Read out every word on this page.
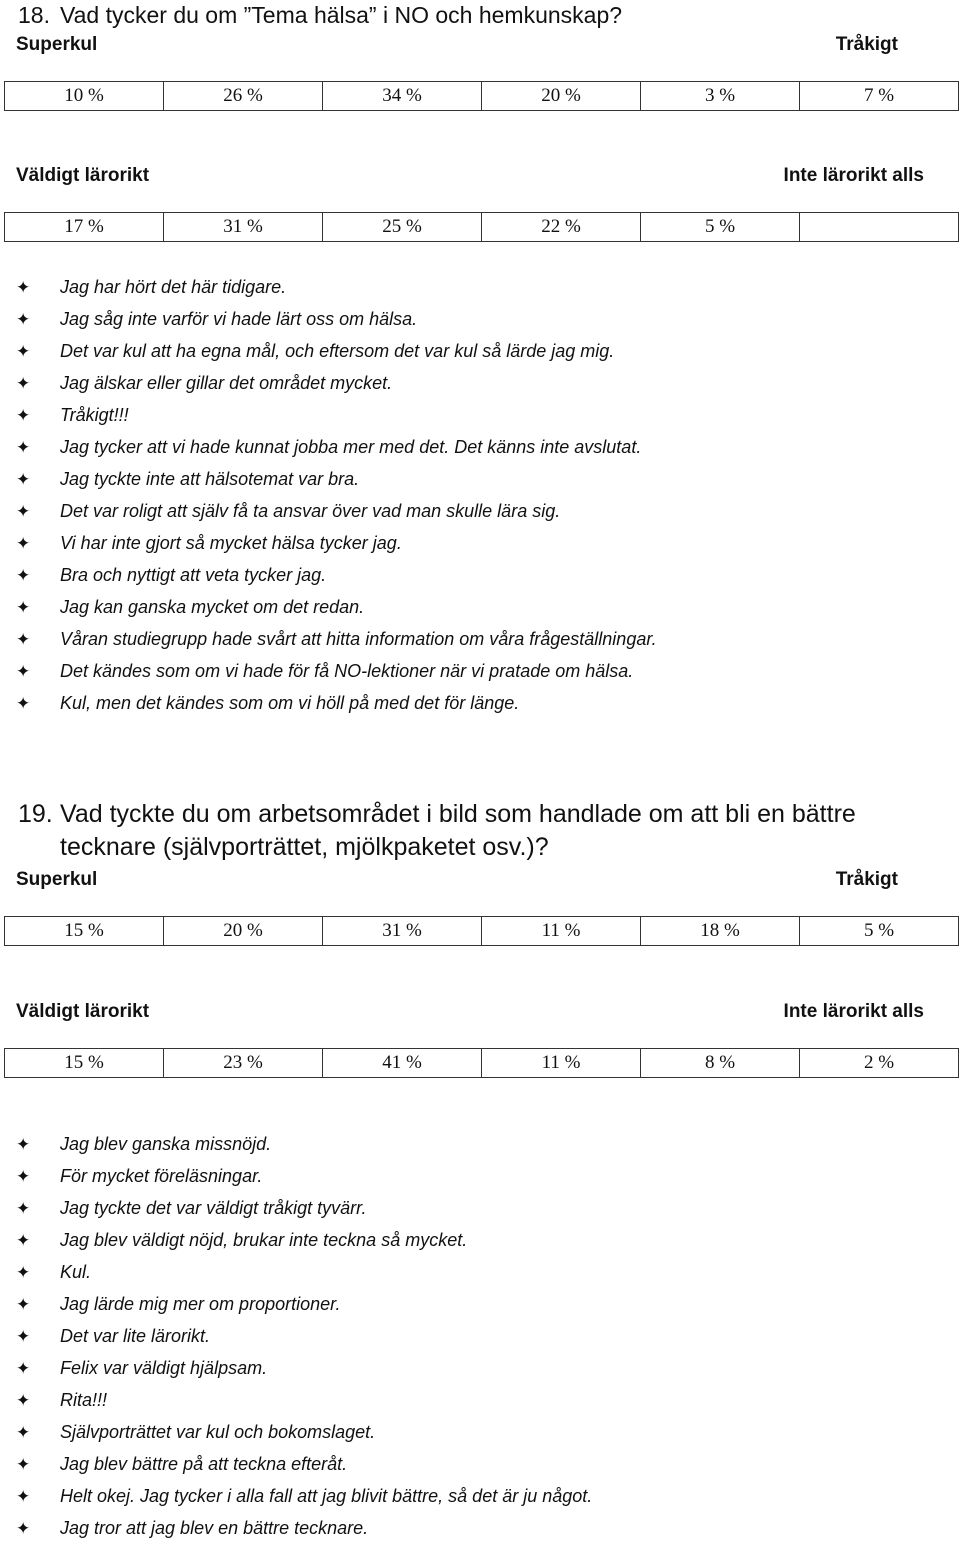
18. Vad tycker du om ”Tema hälsa” i NO och hemkunskap?
Superkul	Tråkigt
10 %	26 %	34 %	20 %	3 %	7 %
Väldigt lärorikt	Inte lärorikt alls
17 %	31 %	25 %	22 %	5 %	
✦ Jag har hört det här tidigare.
✦ Jag såg inte varför vi hade lärt oss om hälsa.
✦ Det var kul att ha egna mål, och eftersom det var kul så lärde jag mig.
✦ Jag älskar eller gillar det området mycket.
✦ Tråkigt!!!
✦ Jag tycker att vi hade kunnat jobba mer med det. Det känns inte avslutat.
✦ Jag tyckte inte att hälsotemat var bra.
✦ Det var roligt att själv få ta ansvar över vad man skulle lära sig.
✦ Vi har inte gjort så mycket hälsa tycker jag.
✦ Bra och nyttigt att veta tycker jag.
✦ Jag kan ganska mycket om det redan.
✦ Våran studiegrupp hade svårt att hitta information om våra frågeställningar.
✦ Det kändes som om vi hade för få NO-lektioner när vi pratade om hälsa.
✦ Kul, men det kändes som om vi höll på med det för länge.
19. Vad tyckte du om arbetsområdet i bild som handlade om att bli en bättre
tecknare (självporträttet, mjölkpaketet osv.)?
Superkul	Tråkigt
15 %	20 %	31 %	11 %	18 %	5 %
Väldigt lärorikt	Inte lärorikt alls
15 %	23 %	41 %	11 %	8 %	2 %
✦ Jag blev ganska missnöjd.
✦ För mycket föreläsningar.
✦ Jag tyckte det var väldigt tråkigt tyvärr.
✦ Jag blev väldigt nöjd, brukar inte teckna så mycket.
✦ Kul.
✦ Jag lärde mig mer om proportioner.
✦ Det var lite lärorikt.
✦ Felix var väldigt hjälpsam.
✦ Rita!!!
✦ Självporträttet var kul och bokomslaget.
✦ Jag blev bättre på att teckna efteråt.
✦ Helt okej. Jag tycker i alla fall att jag blivit bättre, så det är ju något.
✦ Jag tror att jag blev en bättre tecknare.
